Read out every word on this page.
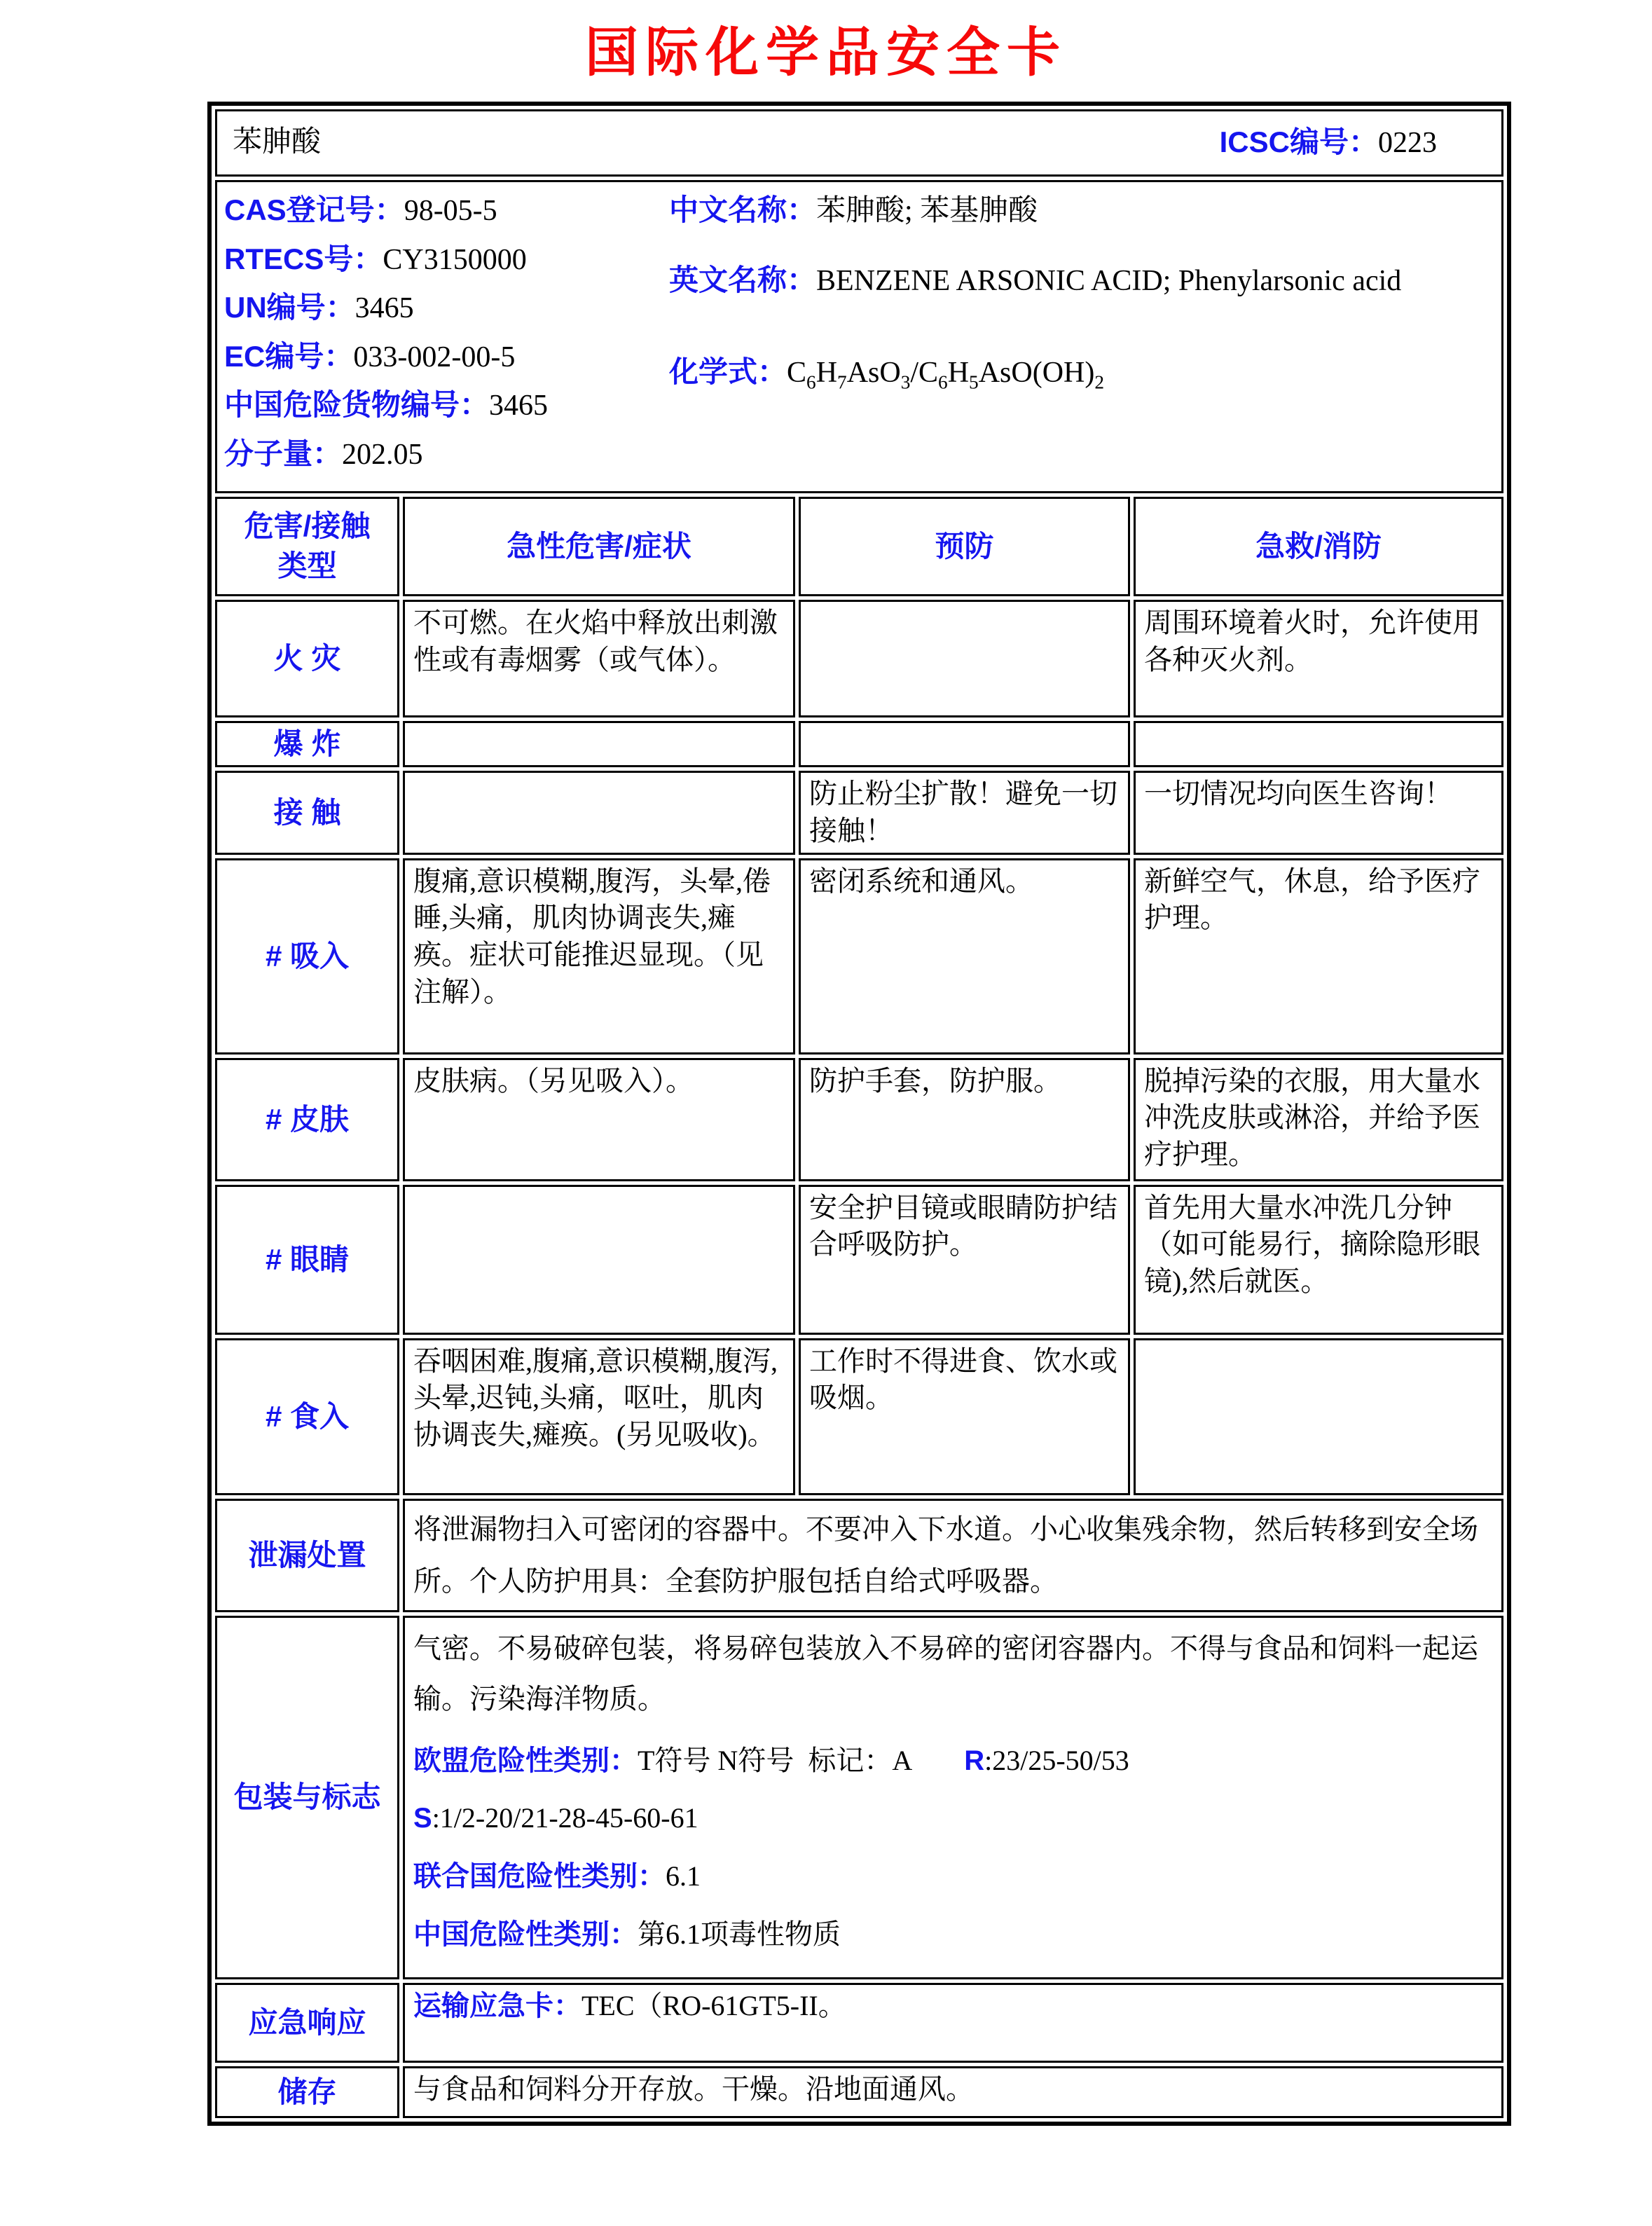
国际化学品安全卡
苯胂酸 ICSC编号：0223			

CAS登记号：98-05-5
RTECS号：CY3150000
UN编号：3465
EC编号：033-002-00-5
中国危险货物编号：3465
分子量：202.05
中文名称：苯胂酸; 苯基胂酸
英文名称：BENZENE ARSONIC ACID; Phenylarsonic acid
化学式：$C_6H_7AsO_3/C_6H_5AsO(OH)_2$

危害/接触类型	急性危害/症状	预防	急救/消防
火 灾	不可燃。在火焰中释放出刺激性或有毒烟雾（或气体）。		周围环境着火时，允许使用各种灭火剂。
爆 炸			
接 触		防止粉尘扩散！避免一切接触！	一切情况均向医生咨询！
# 吸入	腹痛,意识模糊,腹泻，头晕,倦睡,头痛，肌肉协调丧失,瘫痪。症状可能推迟显现。（见注解）。	密闭系统和通风。	新鲜空气，休息，给予医疗护理。
# 皮肤	皮肤病。（另见吸入）。	防护手套，防护服。	脱掉污染的衣服，用大量水冲洗皮肤或淋浴，并给予医疗护理。
# 眼睛		安全护目镜或眼睛防护结合呼吸防护。	首先用大量水冲洗几分钟（如可能易行，摘除隐形眼镜),然后就医。
# 食入	吞咽困难,腹痛,意识模糊,腹泻,头晕,迟钝,头痛，呕吐，肌肉协调丧失,瘫痪。(另见吸收)。	工作时不得进食、饮水或吸烟。	
泄漏处置	将泄漏物扫入可密闭的容器中。不要冲入下水道。小心收集残余物，然后转移到安全场所。个人防护用具：全套防护服包括自给式呼吸器。		
包装与标志	气密。不易破碎包装，将易碎包装放入不易碎的密闭容器内。不得与食品和饲料一起运输。污染海洋物质。
欧盟危险性类别：T符号 N符号  标记：A R:23/25-50/53
S:1/2-20/21-28-45-60-61
联合国危险性类别：6.1
中国危险性类别：第6.1项毒性物质		

应急响应	运输应急卡：TEC（RO-61GT5-II。		
储存	与食品和饲料分开存放。干燥。沿地面通风。		
